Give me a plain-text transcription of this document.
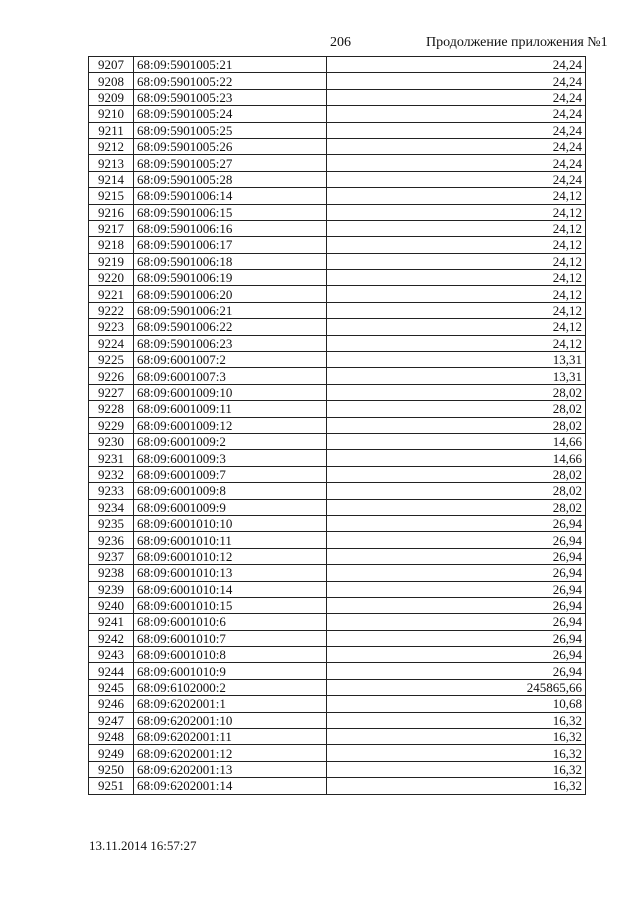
206	Продолжение приложения №1
9207	68:09:5901005:21	24,24
9208	68:09:5901005:22	24,24
9209	68:09:5901005:23	24,24
9210	68:09:5901005:24	24,24
9211	68:09:5901005:25	24,24
9212	68:09:5901005:26	24,24
9213	68:09:5901005:27	24,24
9214	68:09:5901005:28	24,24
9215	68:09:5901006:14	24,12
9216	68:09:5901006:15	24,12
9217	68:09:5901006:16	24,12
9218	68:09:5901006:17	24,12
9219	68:09:5901006:18	24,12
9220	68:09:5901006:19	24,12
9221	68:09:5901006:20	24,12
9222	68:09:5901006:21	24,12
9223	68:09:5901006:22	24,12
9224	68:09:5901006:23	24,12
9225	68:09:6001007:2	13,31
9226	68:09:6001007:3	13,31
9227	68:09:6001009:10	28,02
9228	68:09:6001009:11	28,02
9229	68:09:6001009:12	28,02
9230	68:09:6001009:2	14,66
9231	68:09:6001009:3	14,66
9232	68:09:6001009:7	28,02
9233	68:09:6001009:8	28,02
9234	68:09:6001009:9	28,02
9235	68:09:6001010:10	26,94
9236	68:09:6001010:11	26,94
9237	68:09:6001010:12	26,94
9238	68:09:6001010:13	26,94
9239	68:09:6001010:14	26,94
9240	68:09:6001010:15	26,94
9241	68:09:6001010:6	26,94
9242	68:09:6001010:7	26,94
9243	68:09:6001010:8	26,94
9244	68:09:6001010:9	26,94
9245	68:09:6102000:2	245865,66
9246	68:09:6202001:1	10,68
9247	68:09:6202001:10	16,32
9248	68:09:6202001:11	16,32
9249	68:09:6202001:12	16,32
9250	68:09:6202001:13	16,32
9251	68:09:6202001:14	16,32
13.11.2014 16:57:27
